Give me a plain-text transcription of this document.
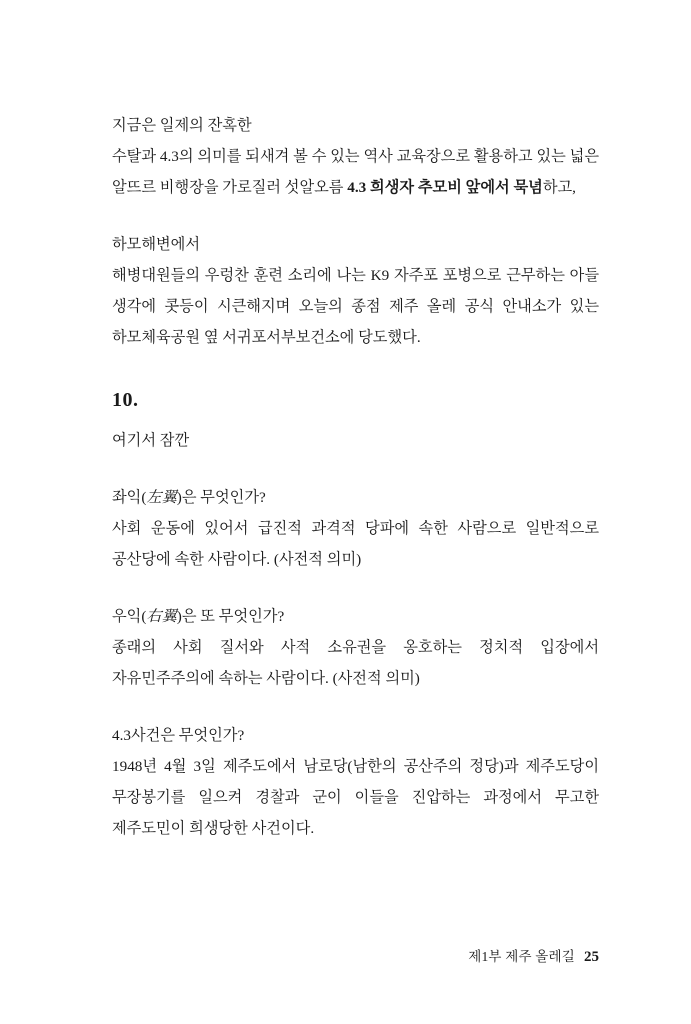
지금은 일제의 잔혹한

수탈과 4.3의 의미를 되새겨 볼 수 있는 역사 교육장으로 활용하고 있는 넓은 알뜨르 비행장을 가로질러 섯알오름 4.3 희생자 추모비 앞에서 묵념하고,

하모해변에서

해병대원들의 우렁찬 훈련 소리에 나는 K9 자주포 포병으로 근무하는 아들 생각에 콧등이 시큰해지며 오늘의 종점 제주 올레 공식 안내소가 있는 하모체육공원 옆 서귀포서부보건소에 당도했다.

10.

여기서 잠깐

좌익(左翼)은 무엇인가?

사회 운동에 있어서 급진적 과격적 당파에 속한 사람으로 일반적으로 공산당에 속한 사람이다. (사전적 의미)

우익(右翼)은 또 무엇인가?

종래의 사회 질서와 사적 소유권을 옹호하는 정치적 입장에서 자유민주주의에 속하는 사람이다. (사전적 의미)

4.3사건은 무엇인가?

1948년 4월 3일 제주도에서 남로당(남한의 공산주의 정당)과 제주도당이 무장봉기를 일으켜 경찰과 군이 이들을 진압하는 과정에서 무고한 제주도민이 희생당한 사건이다.

제1부 제주 올레길 25
